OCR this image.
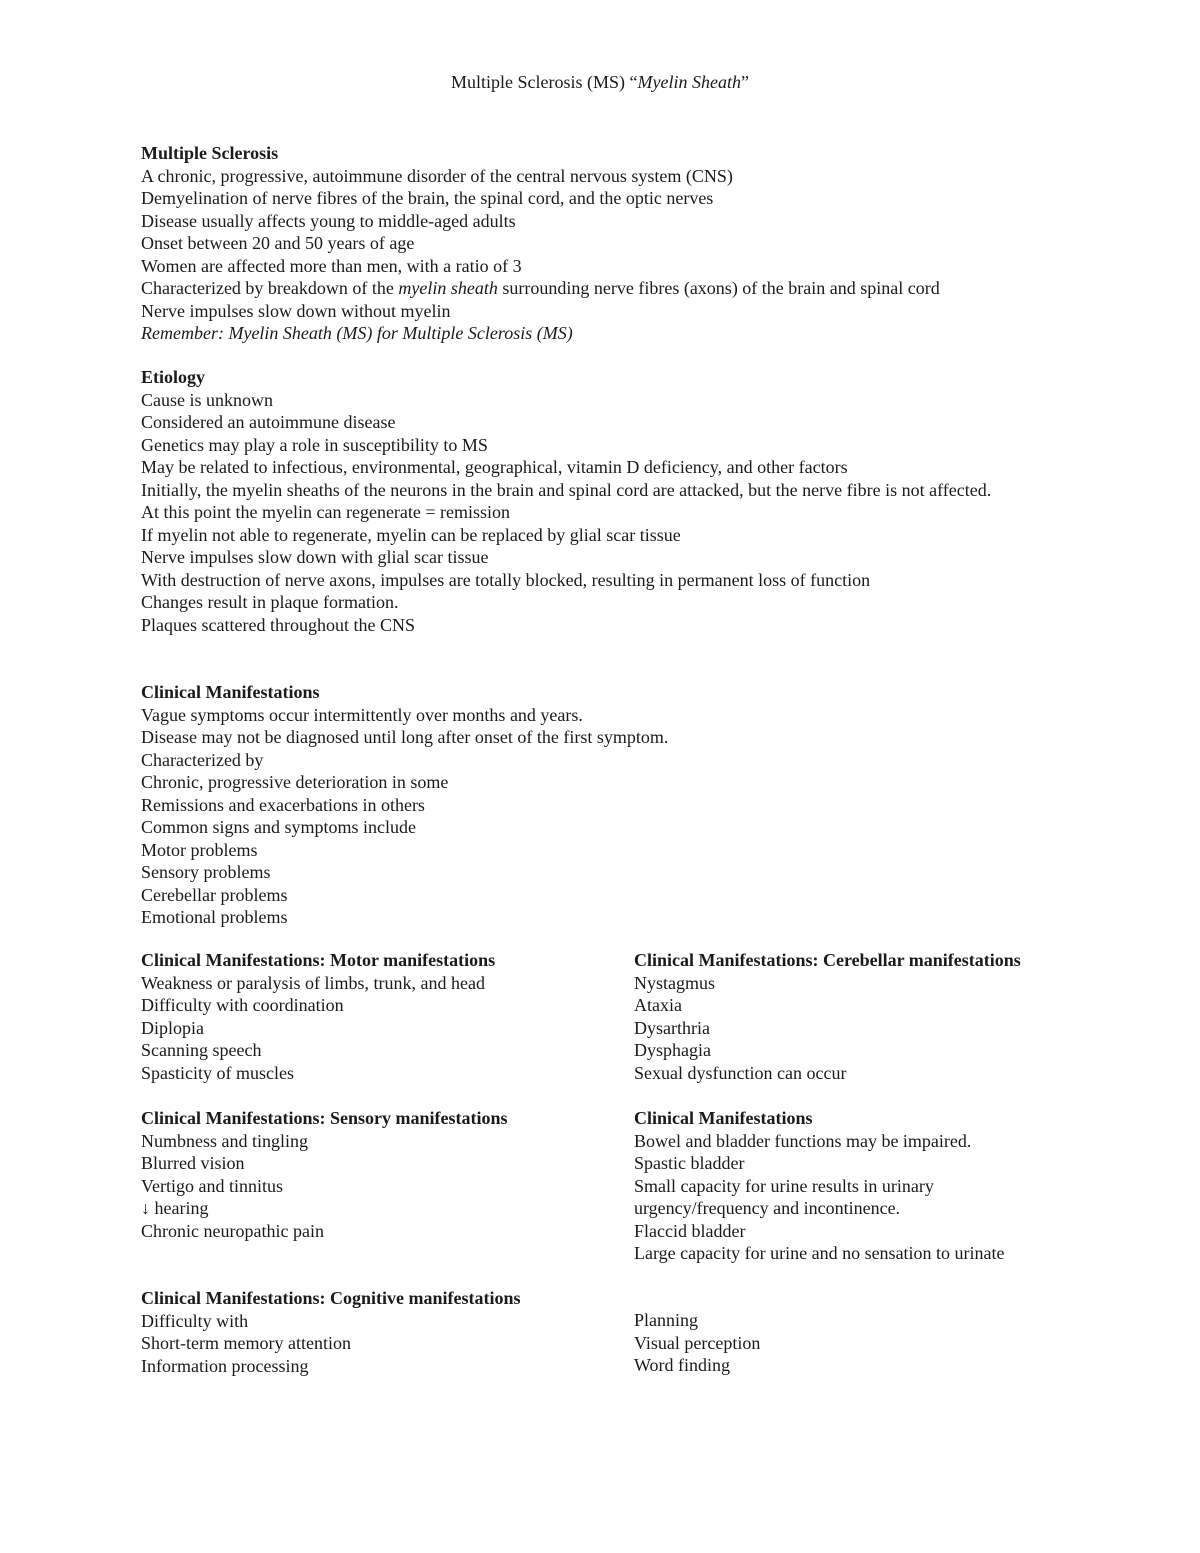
Multiple Sclerosis (MS) “Myelin Sheath”

Multiple Sclerosis

A chronic, progressive, autoimmune disorder of the central nervous system (CNS)

Demyelination of nerve fibres of the brain, the spinal cord, and the optic nerves

Disease usually affects young to middle-aged adults

Onset between 20 and 50 years of age

Women are affected more than men, with a ratio of 3

Characterized by breakdown of the myelin sheath surrounding nerve fibres (axons) of the brain and spinal cord

Nerve impulses slow down without myelin

Remember: Myelin Sheath (MS) for Multiple Sclerosis (MS)

Etiology

Cause is unknown

Considered an autoimmune disease

Genetics may play a role in susceptibility to MS

May be related to infectious, environmental, geographical, vitamin D deficiency, and other factors

Initially, the myelin sheaths of the neurons in the brain and spinal cord are attacked, but the nerve fibre is not affected.

At this point the myelin can regenerate = remission

If myelin not able to regenerate, myelin can be replaced by glial scar tissue

Nerve impulses slow down with glial scar tissue

With destruction of nerve axons, impulses are totally blocked, resulting in permanent loss of function

Changes result in plaque formation.

Plaques scattered throughout the CNS

Clinical Manifestations

Vague symptoms occur intermittently over months and years.

Disease may not be diagnosed until long after onset of the first symptom.

Characterized by

Chronic, progressive deterioration in some

Remissions and exacerbations in others

Common signs and symptoms include

Motor problems

Sensory problems

Cerebellar problems

Emotional problems

Clinical Manifestations: Motor manifestations

Weakness or paralysis of limbs, trunk, and head

Difficulty with coordination

Diplopia

Scanning speech

Spasticity of muscles

Clinical Manifestations: Cerebellar manifestations

Nystagmus

Ataxia

Dysarthria

Dysphagia

Sexual dysfunction can occur

Clinical Manifestations: Sensory manifestations

Numbness and tingling

Blurred vision

Vertigo and tinnitus

↓ hearing

Chronic neuropathic pain

Clinical Manifestations

Bowel and bladder functions may be impaired.

Spastic bladder

Small capacity for urine results in urinary

urgency/frequency and incontinence.

Flaccid bladder

Large capacity for urine and no sensation to urinate

Clinical Manifestations: Cognitive manifestations

Difficulty with

Short-term memory attention

Information processing

Planning

Visual perception

Word finding
